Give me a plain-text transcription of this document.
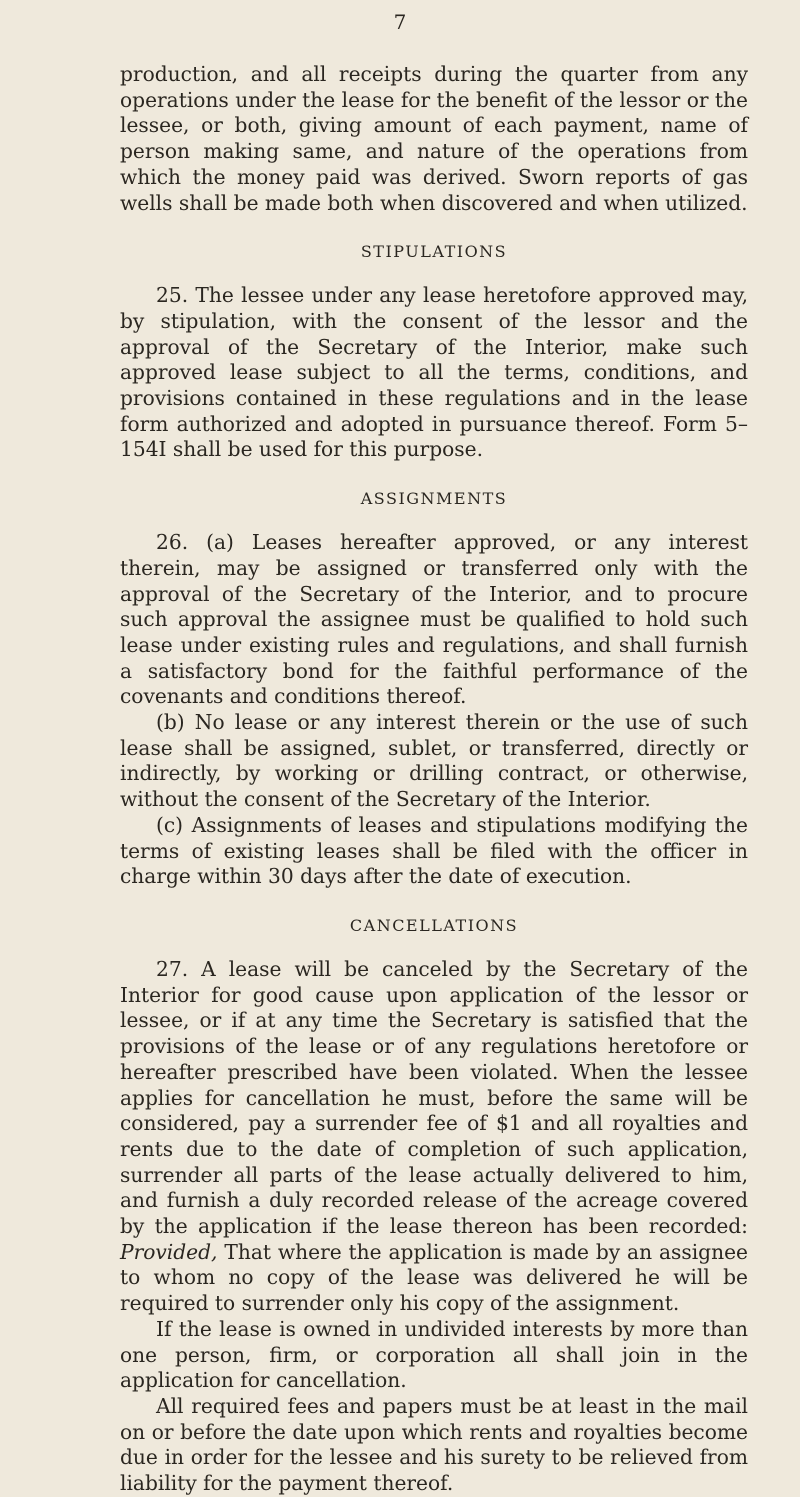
7

production, and all receipts during the quarter from any operations under the lease for the benefit of the lessor or the lessee, or both, giving amount of each payment, name of person making same, and nature of the operations from which the money paid was derived. Sworn reports of gas wells shall be made both when discovered and when utilized.

STIPULATIONS

25. The lessee under any lease heretofore approved may, by stipulation, with the consent of the lessor and the approval of the Secretary of the Interior, make such approved lease subject to all the terms, conditions, and provisions contained in these regulations and in the lease form authorized and adopted in pursuance thereof. Form 5–154I shall be used for this purpose.

ASSIGNMENTS

26. (a) Leases hereafter approved, or any interest therein, may be assigned or transferred only with the approval of the Secretary of the Interior, and to procure such approval the assignee must be qualified to hold such lease under existing rules and regulations, and shall furnish a satisfactory bond for the faithful performance of the covenants and conditions thereof.

(b) No lease or any interest therein or the use of such lease shall be assigned, sublet, or transferred, directly or indirectly, by working or drilling contract, or otherwise, without the consent of the Secretary of the Interior.

(c) Assignments of leases and stipulations modifying the terms of existing leases shall be filed with the officer in charge within 30 days after the date of execution.

CANCELLATIONS

27. A lease will be canceled by the Secretary of the Interior for good cause upon application of the lessor or lessee, or if at any time the Secretary is satisfied that the provisions of the lease or of any regulations heretofore or hereafter prescribed have been violated. When the lessee applies for cancellation he must, before the same will be considered, pay a surrender fee of $1 and all royalties and rents due to the date of completion of such application, surrender all parts of the lease actually delivered to him, and furnish a duly recorded release of the acreage covered by the application if the lease thereon has been recorded: Provided, That where the application is made by an assignee to whom no copy of the lease was delivered he will be required to surrender only his copy of the assignment.

If the lease is owned in undivided interests by more than one person, firm, or corporation all shall join in the application for cancellation.

All required fees and papers must be at least in the mail on or before the date upon which rents and royalties become due in order for the lessee and his surety to be relieved from liability for the payment thereof.
